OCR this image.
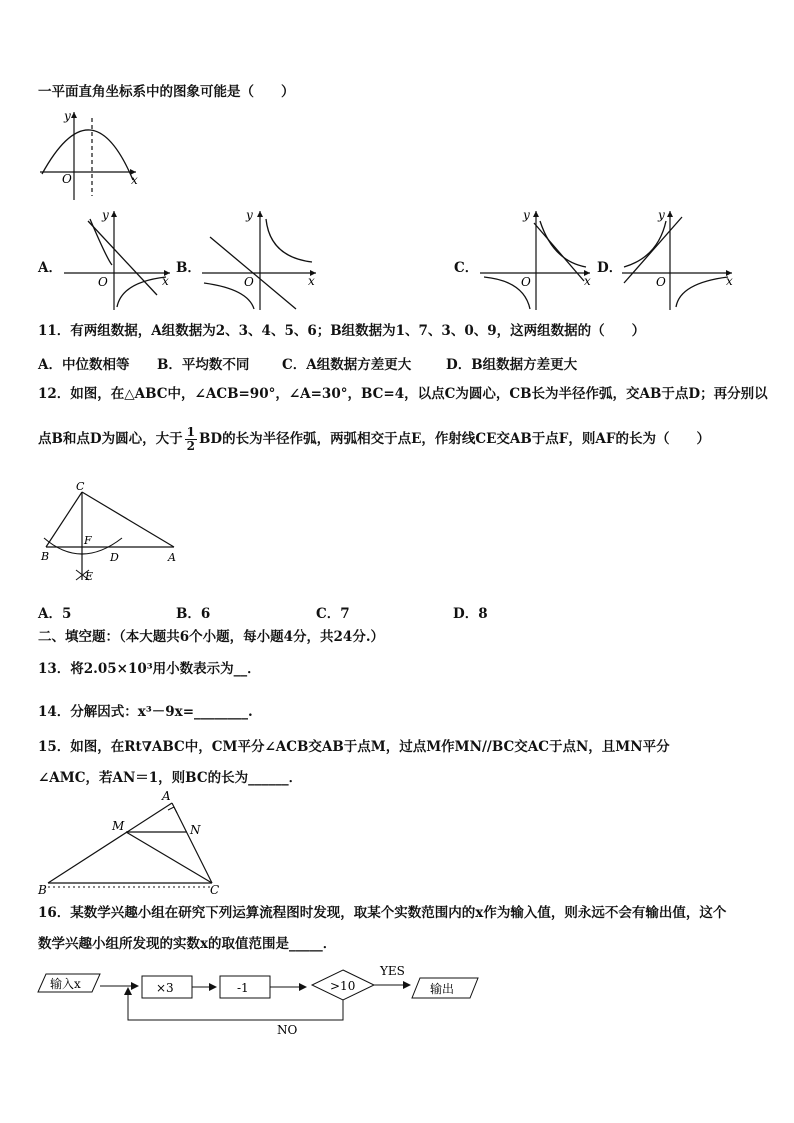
一平面直角坐标系中的图象可能是（　　）
x
y
O
A．
x
y
O
B．
x
y
O
C．
x
y
O
D．
x
y
O
11．有两组数据，A组数据为2、3、4、5、6；B组数据为1、7、3、0、9，这两组数据的（　　）
A．中位数相等 B．平均数不同 C．A组数据方差更大	D．B组数据方差更大
12．如图，在△ABC中，∠ACB=90°，∠A=30°，BC=4，以点C为圆心，CB长为半径作弧，交AB于点D；再分别以
点B和点D为圆心，大于 $\frac{1}{2}$ BD的长为半径作弧，两弧相交于点E，作射线CE交AB于点F，则AF的长为（　　）
C
B
F
D	A
E
A．5	B．6	C．7	D．8
二、填空题：（本大题共6个小题，每小题4分，共24分.）
13．将2.05×10³用小数表示为__．
14．分解因式：x³－9x=________.
15．如图，在Rt∇ABC中，CM平分∠ACB交AB于点M，过点M作MN//BC交AC于点N，且MN平分
∠AMC，若AN＝1，则BC的长为______．
A
M	N
B	C
16．某数学兴趣小组在研究下列运算流程图时发现，取某个实数范围内的x作为输入值，则永远不会有输出值，这个
数学兴趣小组所发现的实数x的取值范围是_____．
输入x	×3	-1	>10
YES
输出
NO
